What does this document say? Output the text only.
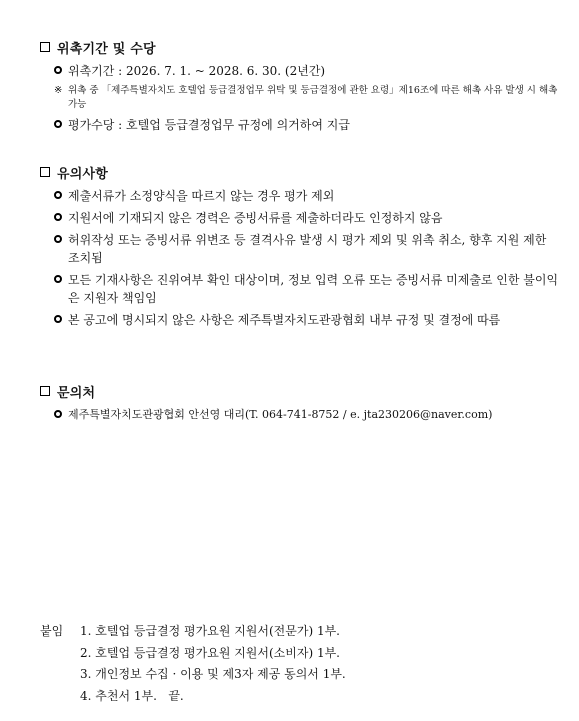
위촉기간 및 수당
위촉기간 : 2026. 7. 1. ~ 2028. 6. 30. (2년간)
※ 위촉 중 「제주특별자치도 호텔업 등급결정업무 위탁 및 등급결정에 관한 요령」제16조에 따른 해촉 사유 발생 시 해촉 가능
평가수당 : 호텔업 등급결정업무 규정에 의거하여 지급
유의사항
제출서류가 소정양식을 따르지 않는 경우 평가 제외
지원서에 기재되지 않은 경력은 증빙서류를 제출하더라도 인정하지 않음
허위작성 또는 증빙서류 위변조 등 결격사유 발생 시 평가 제외 및 위촉 취소, 향후 지원 제한 조치됨
모든 기재사항은 진위여부 확인 대상이며, 정보 입력 오류 또는 증빙서류 미제출로 인한 불이익은 지원자 책임임
본 공고에 명시되지 않은 사항은 제주특별자치도관광협회 내부 규정 및 결정에 따름
문의처
제주특별자치도관광협회 안선영 대리(T. 064-741-8752 / e. jta230206@naver.com)
붙임 1. 호텔업 등급결정 평가요원 지원서(전문가) 1부.
2. 호텔업 등급결정 평가요원 지원서(소비자) 1부.
3. 개인정보 수집 · 이용 및 제3자 제공 동의서 1부.
4. 추천서 1부.   끝.
